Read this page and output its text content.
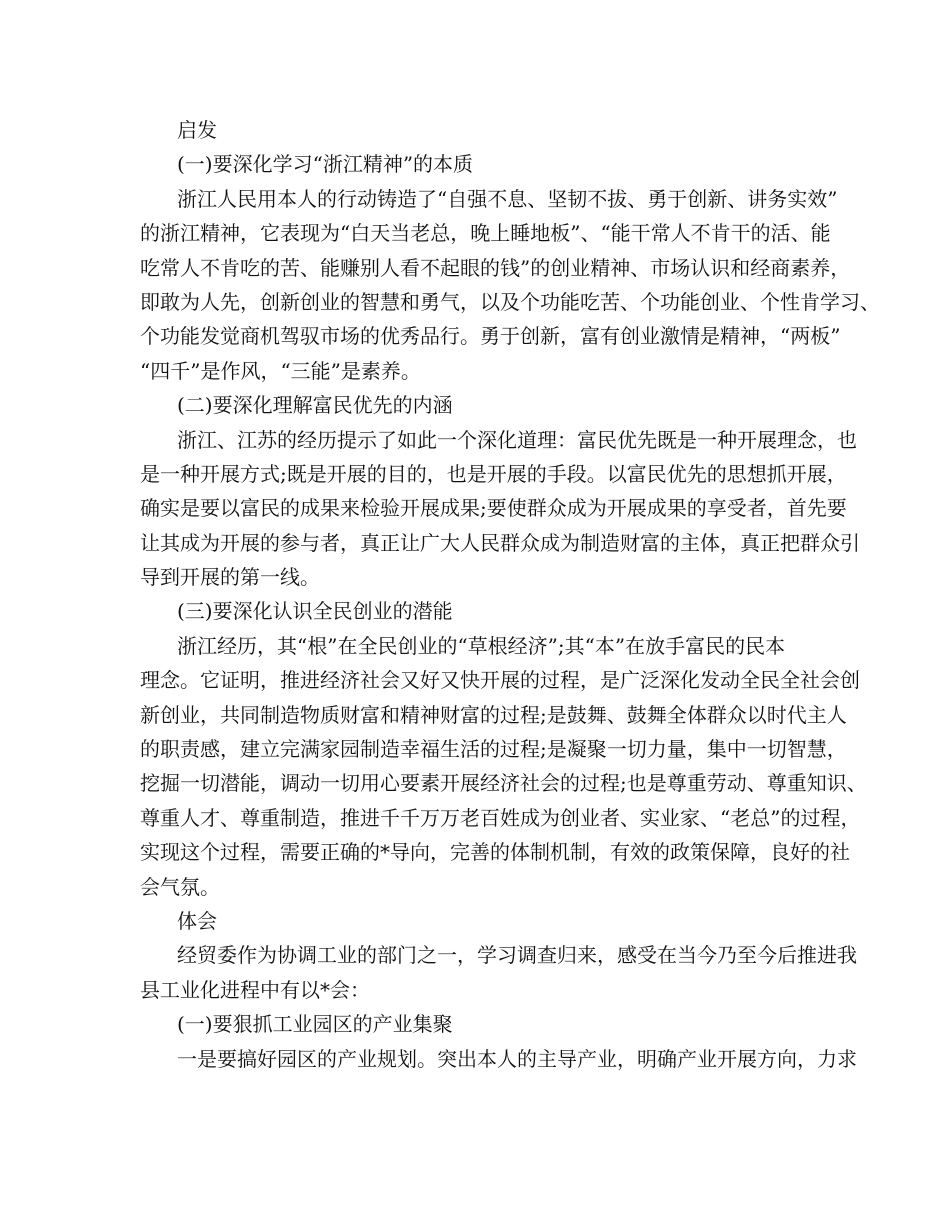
启发
(一)要深化学习“浙江精神”的本质
浙江人民用本人的行动铸造了“自强不息、坚韧不拔、勇于创新、讲务实效”
的浙江精神，它表现为“白天当老总，晚上睡地板”、“能干常人不肯干的活、能
吃常人不肯吃的苦、能赚别人看不起眼的钱”的创业精神、市场认识和经商素养，
即敢为人先，创新创业的智慧和勇气，以及个功能吃苦、个功能创业、个性肯学习、
个功能发觉商机驾驭市场的优秀品行。勇于创新，富有创业激情是精神，“两板”
“四千”是作风，“三能”是素养。
(二)要深化理解富民优先的内涵
浙江、江苏的经历提示了如此一个深化道理：富民优先既是一种开展理念，也
是一种开展方式;既是开展的目的，也是开展的手段。以富民优先的思想抓开展，
确实是要以富民的成果来检验开展成果;要使群众成为开展成果的享受者，首先要
让其成为开展的参与者，真正让广大人民群众成为制造财富的主体，真正把群众引
导到开展的第一线。
(三)要深化认识全民创业的潜能
浙江经历，其“根”在全民创业的“草根经济”;其“本”在放手富民的民本
理念。它证明，推进经济社会又好又快开展的过程，是广泛深化发动全民全社会创
新创业，共同制造物质财富和精神财富的过程;是鼓舞、鼓舞全体群众以时代主人
的职责感，建立完满家园制造幸福生活的过程;是凝聚一切力量，集中一切智慧，
挖掘一切潜能，调动一切用心要素开展经济社会的过程;也是尊重劳动、尊重知识、
尊重人才、尊重制造，推进千千万万老百姓成为创业者、实业家、“老总”的过程，
实现这个过程，需要正确的*导向，完善的体制机制，有效的政策保障，良好的社
会气氛。
体会
经贸委作为协调工业的部门之一，学习调查归来，感受在当今乃至今后推进我
县工业化进程中有以*会：
(一)要狠抓工业园区的产业集聚
一是要搞好园区的产业规划。突出本人的主导产业，明确产业开展方向，力求
